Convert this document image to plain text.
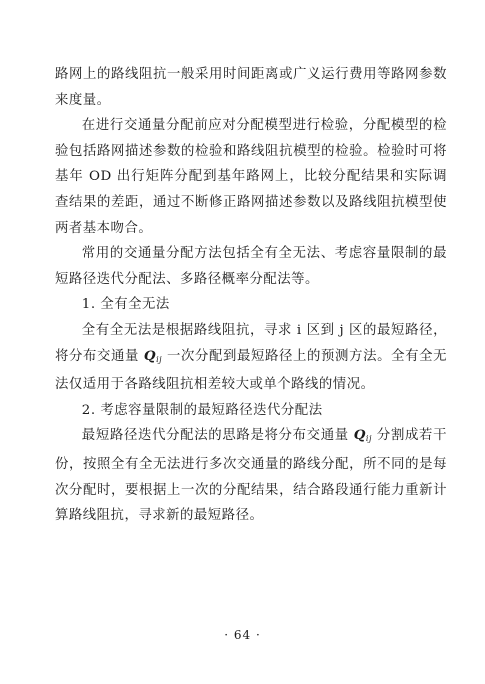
路网上的路线阻抗一般采用时间距离或广义运行费用等路网参数来度量。

在进行交通量分配前应对分配模型进行检验，分配模型的检验包括路网描述参数的检验和路线阻抗模型的检验。检验时可将基年 OD 出行矩阵分配到基年路网上，比较分配结果和实际调查结果的差距，通过不断修正路网描述参数以及路线阻抗模型使两者基本吻合。

常用的交通量分配方法包括全有全无法、考虑容量限制的最短路径迭代分配法、多路径概率分配法等。

1. 全有全无法

全有全无法是根据路线阻抗，寻求 i 区到 j 区的最短路径，将分布交通量 $Q_{ij}$ 一次分配到最短路径上的预测方法。全有全无法仅适用于各路线阻抗相差较大或单个路线的情况。

2. 考虑容量限制的最短路径迭代分配法

最短路径迭代分配法的思路是将分布交通量 $Q_{ij}$ 分割成若干份，按照全有全无法进行多次交通量的路线分配，所不同的是每次分配时，要根据上一次的分配结果，结合路段通行能力重新计算路线阻抗，寻求新的最短路径。

· 64 ·
